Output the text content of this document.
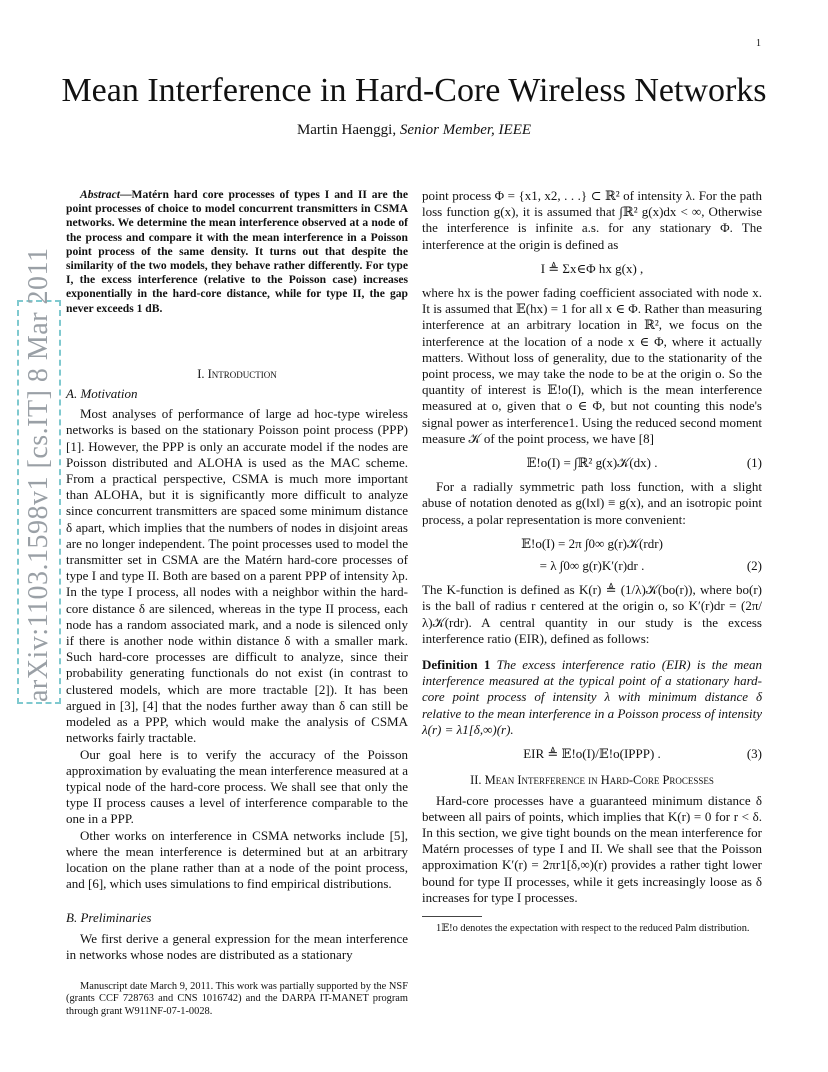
1
arXiv:1103.1598v1 [cs.IT] 8 Mar 2011
Mean Interference in Hard-Core Wireless Networks
Martin Haenggi, Senior Member, IEEE

Abstract—Matérn hard core processes of types I and II are the point processes of choice to model concurrent transmitters in CSMA networks. We determine the mean interference observed at a node of the process and compare it with the mean interference in a Poisson point process of the same density. It turns out that despite the similarity of the two models, they behave rather differently. For type I, the excess interference (relative to the Poisson case) increases exponentially in the hard-core distance, while for type II, the gap never exceeds 1 dB.

I. Introduction
A. Motivation

Most analyses of performance of large ad hoc-type wireless networks is based on the stationary Poisson point process (PPP) [1]. However, the PPP is only an accurate model if the nodes are Poisson distributed and ALOHA is used as the MAC scheme. From a practical perspective, CSMA is much more important than ALOHA, but it is significantly more difficult to analyze since concurrent transmitters are spaced some minimum distance δ apart, which implies that the numbers of nodes in disjoint areas are no longer independent. The point processes used to model the transmitter set in CSMA are the Matérn hard-core processes of type I and type II. Both are based on a parent PPP of intensity λp. In the type I process, all nodes with a neighbor within the hard-core distance δ are silenced, whereas in the type II process, each node has a random associated mark, and a node is silenced only if there is another node within distance δ with a smaller mark. Such hard-core processes are difficult to analyze, since their probability generating functionals do not exist (in contrast to clustered models, which are more tractable [2]). It has been argued in [3], [4] that the nodes further away than δ can still be modeled as a PPP, which would make the analysis of CSMA networks fairly tractable.

Our goal here is to verify the accuracy of the Poisson approximation by evaluating the mean interference measured at a typical node of the hard-core process. We shall see that only the type II process causes a level of interference comparable to the one in a PPP.

Other works on interference in CSMA networks include [5], where the mean interference is determined but at an arbitrary location on the plane rather than at a node of the point process, and [6], which uses simulations to find empirical distributions.

B. Preliminaries

We first derive a general expression for the mean interference in networks whose nodes are distributed as a stationary

Manuscript date March 9, 2011. This work was partially supported by the NSF (grants CCF 728763 and CNS 1016742) and the DARPA IT-MANET program through grant W911NF-07-1-0028.

point process Φ = {x1, x2, . . .} ⊂ ℝ² of intensity λ. For the path loss function g(x), it is assumed that ∫ℝ² g(x)dx < ∞, Otherwise the interference is infinite a.s. for any stationary Φ. The interference at the origin is defined as

I ≜ Σx∈Φ hx g(x) ,

where hx is the power fading coefficient associated with node x. It is assumed that 𝔼(hx) = 1 for all x ∈ Φ. Rather than measuring interference at an arbitrary location in ℝ², we focus on the interference at the location of a node x ∈ Φ, where it actually matters. Without loss of generality, due to the stationarity of the point process, we may take the node to be at the origin o. So the quantity of interest is 𝔼!o(I), which is the mean interference measured at o, given that o ∈ Φ, but not counting this node's signal power as interference1. Using the reduced second moment measure 𝒦 of the point process, we have [8]

𝔼!o(I) = ∫ℝ² g(x)𝒦(dx) .	(1)

For a radially symmetric path loss function, with a slight abuse of notation denoted as g(‖x‖) ≡ g(x), and an isotropic point process, a polar representation is more convenient:

𝔼!o(I) = 2π ∫0∞ g(r)𝒦(rdr)
= λ ∫0∞ g(r)K′(r)dr .	(2)

The K-function is defined as K(r) ≜ (1/λ)𝒦(bo(r)), where bo(r) is the ball of radius r centered at the origin o, so K′(r)dr = (2π/λ)𝒦(rdr). A central quantity in our study is the excess interference ratio (EIR), defined as follows:

Definition 1 The excess interference ratio (EIR) is the mean interference measured at the typical point of a stationary hard-core point process of intensity λ with minimum distance δ relative to the mean interference in a Poisson process of intensity λ(r) = λ1[δ,∞)(r).

EIR ≜ 𝔼!o(I)/𝔼!o(IPPP) .	(3)
II. Mean Interference in Hard-Core Processes

Hard-core processes have a guaranteed minimum distance δ between all pairs of points, which implies that K(r) = 0 for r < δ. In this section, we give tight bounds on the mean interference for Matérn processes of type I and II. We shall see that the Poisson approximation K′(r) = 2πr1[δ,∞)(r) provides a rather tight lower bound for type II processes, while it gets increasingly loose as δ increases for type I processes.

1𝔼!o denotes the expectation with respect to the reduced Palm distribution.
